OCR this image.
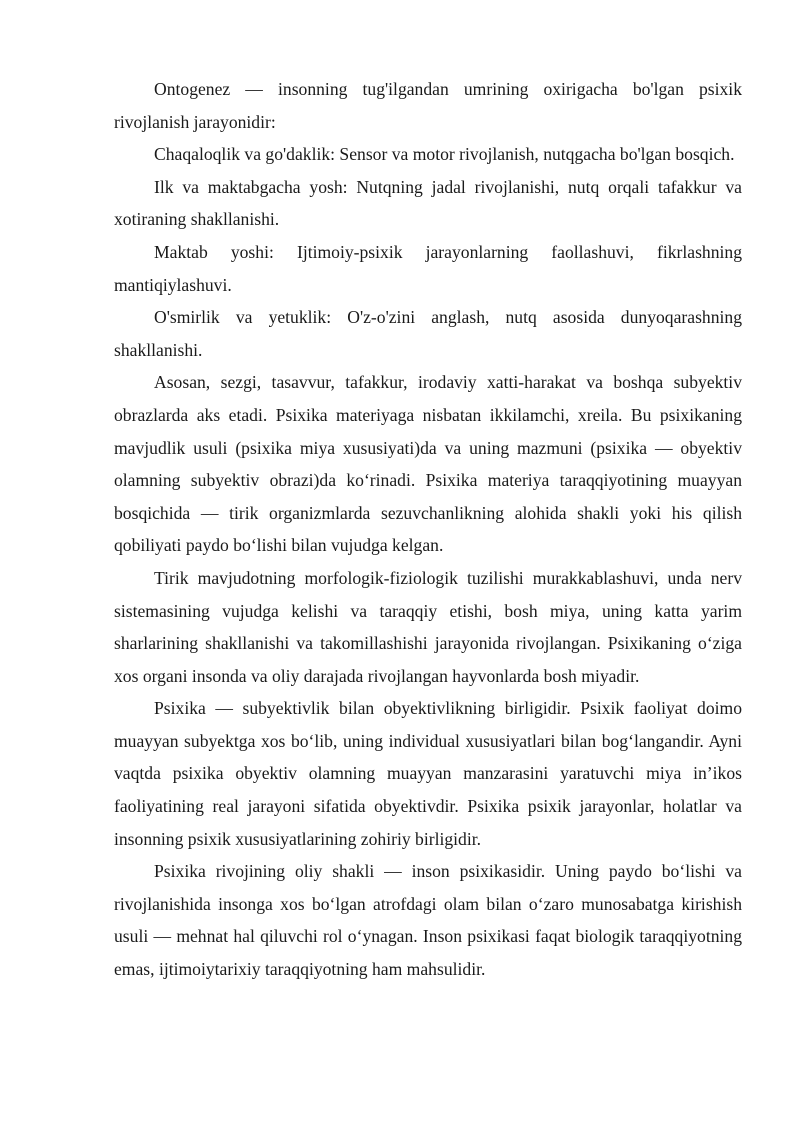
Ontogenez — insonning tug'ilgandan umrining oxirigacha bo'lgan psixik rivojlanish jarayonidir:

Chaqaloqlik va go'daklik: Sensor va motor rivojlanish, nutqgacha bo'lgan bosqich.

Ilk va maktabgacha yosh: Nutqning jadal rivojlanishi, nutq orqali tafakkur va xotiraning shakllanishi.

Maktab yoshi: Ijtimoiy-psixik jarayonlarning faollashuvi, fikrlashning mantiqiylashuvi.

O'smirlik va yetuklik: O'z-o'zini anglash, nutq asosida dunyoqarashning shakllanishi.

Asosan, sezgi, tasavvur, tafakkur, irodaviy xatti-harakat va boshqa subyektiv obrazlarda aks etadi. Psixika materiyaga nisbatan ikkilamchi, xreila. Bu psixikaning mavjudlik usuli (psixika miya xususiyati)da va uning mazmuni (psixika — obyektiv olamning subyektiv obrazi)da ko‘rinadi. Psixika materiya taraqqiyotining muayyan bosqichida — tirik organizmlarda sezuvchanlikning alohida shakli yoki his qilish qobiliyati paydo bo‘lishi bilan vujudga kelgan.

Tirik mavjudotning morfologik-fiziologik tuzilishi murakkablashuvi, unda nerv sistemasining vujudga kelishi va taraqqiy etishi, bosh miya, uning katta yarim sharlarining shakllanishi va takomillashishi jarayonida rivojlangan. Psixikaning o‘ziga xos organi insonda va oliy darajada rivojlangan hayvonlarda bosh miyadir.

Psixika — subyektivlik bilan obyektivlikning birligidir. Psixik faoliyat doimo muayyan subyektga xos bo‘lib, uning individual xususiyatlari bilan bog‘langandir. Ayni vaqtda psixika obyektiv olamning muayyan manzarasini yaratuvchi miya in’ikos faoliyatining real jarayoni sifatida obyektivdir. Psixika psixik jarayonlar, holatlar va insonning psixik xususiyatlarining zohiriy birligidir.

Psixika rivojining oliy shakli — inson psixikasidir. Uning paydo bo‘lishi va rivojlanishida insonga xos bo‘lgan atrofdagi olam bilan o‘zaro munosabatga kirishish usuli — mehnat hal qiluvchi rol o‘ynagan. Inson psixikasi faqat biologik taraqqiyotning emas, ijtimoiytarixiy taraqqiyotning ham mahsulidir.
